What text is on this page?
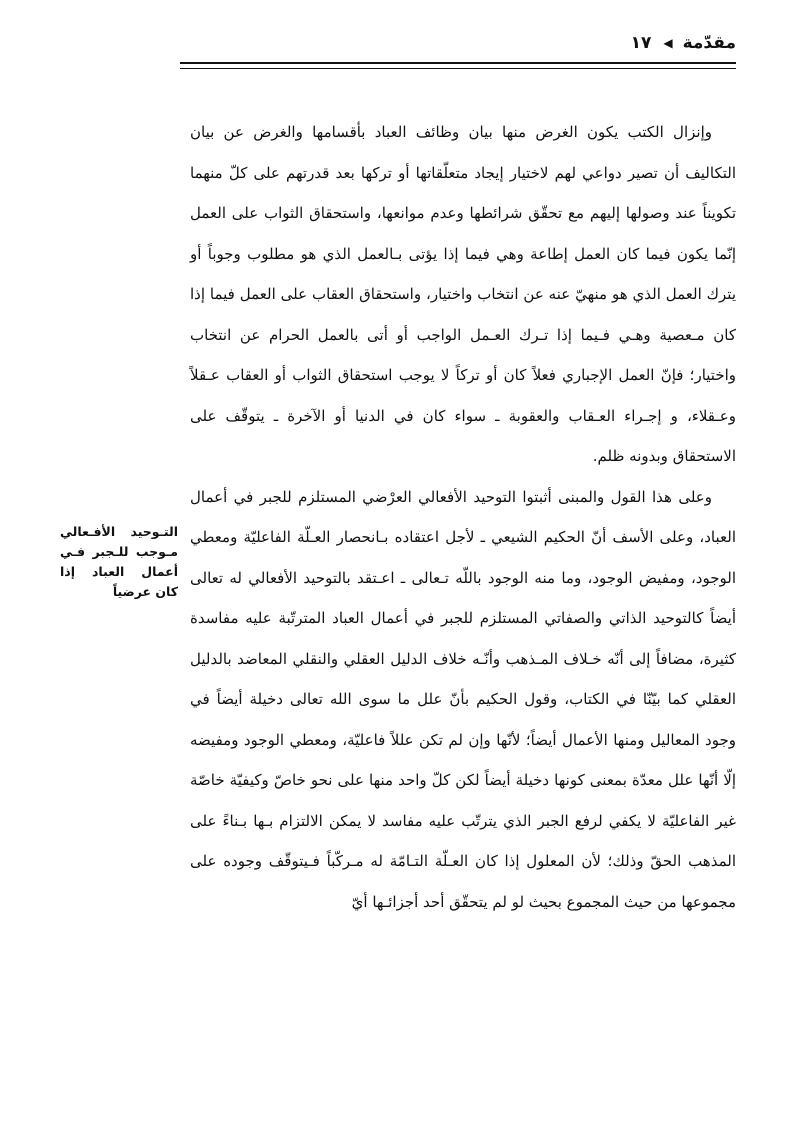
مقدّمة
◀
١٧
التـوحيد الأفـعالي مـوجب للـجبر فـي أعمال العباد إذا كان عرضياً

وإنزال الكتب يكون الغرض منها بيان وظائف العباد بأقسامها والغرض عن بيان التكاليف أن تصير دواعي لهم لاختيار إيجاد متعلّقاتها أو تركها بعد قدرتهم على كلّ منهما تكويناً عند وصولها إليهم مع تحقّق شرائطها وعدم موانعها، واستحقاق الثواب على العمل إنّما يكون فيما كان العمل إطاعة وهي فيما إذا يؤتى بـالعمل الذي هو مطلوب وجوباً أو يترك العمل الذي هو منهيّ عنه عن انتخاب واختيار، واستحقاق العقاب على العمل فيما إذا كان مـعصية وهـي فـيما إذا تـرك العـمل الواجب أو أتى بالعمل الحرام عن انتخاب واختيار؛ فإنّ العمل الإجباري فعلاً كان أو تركاً لا يوجب استحقاق الثواب أو العقاب عـقلاً وعـقلاء، و إجـراء العـقاب والعقوبة ـ سواء كان في الدنيا أو الآخرة ـ يتوقّف على الاستحقاق وبدونه ظلم.

وعلى هذا القول والمبنى أثبتوا التوحيد الأفعالي العرْضي المستلزم للجبر في أعمال العباد، وعلى الأسف أنّ الحكيم الشيعي ـ لأجل اعتقاده بـانحصار العـلّة الفاعليّة ومعطي الوجود، ومفيض الوجود، وما منه الوجود باللّه تـعالى ـ اعـتقد بالتوحيد الأفعالي له تعالى أيضاً كالتوحيد الذاتي والصفاتي المستلزم للجبر في أعمال العباد المترتّبة عليه مفاسدة كثيرة، مضافاً إلى أنّه خـلاف المـذهب وأنّـه خلاف الدليل العقلي والنقلي المعاضد بالدليل العقلي كما بيّنّا في الكتاب، وقول الحكيم بأنّ علل ما سوى الله تعالى دخيلة أيضاً في وجود المعاليل ومنها الأعمال أيضاً؛ لأنّها وإن لم تكن عللاً فاعليّة، ومعطي الوجود ومفيضه إلّا أنّها علل معدّة بمعنى كونها دخيلة أيضاً لكن كلّ واحد منها على نحو خاصّ وكيفيّة خاصّة غير الفاعليّة لا يكفي لرفع الجبر الذي يترتّب عليه مفاسد لا يمكن الالتزام بـها بـناءً على المذهب الحقّ وذلك؛ لأن المعلول إذا كان العـلّة التـامّة له مـركّباً فـيتوقّف وجوده على مجموعها من حيث المجموع بحيث لو لم يتحقّق أحد أجزائـها أيّ
